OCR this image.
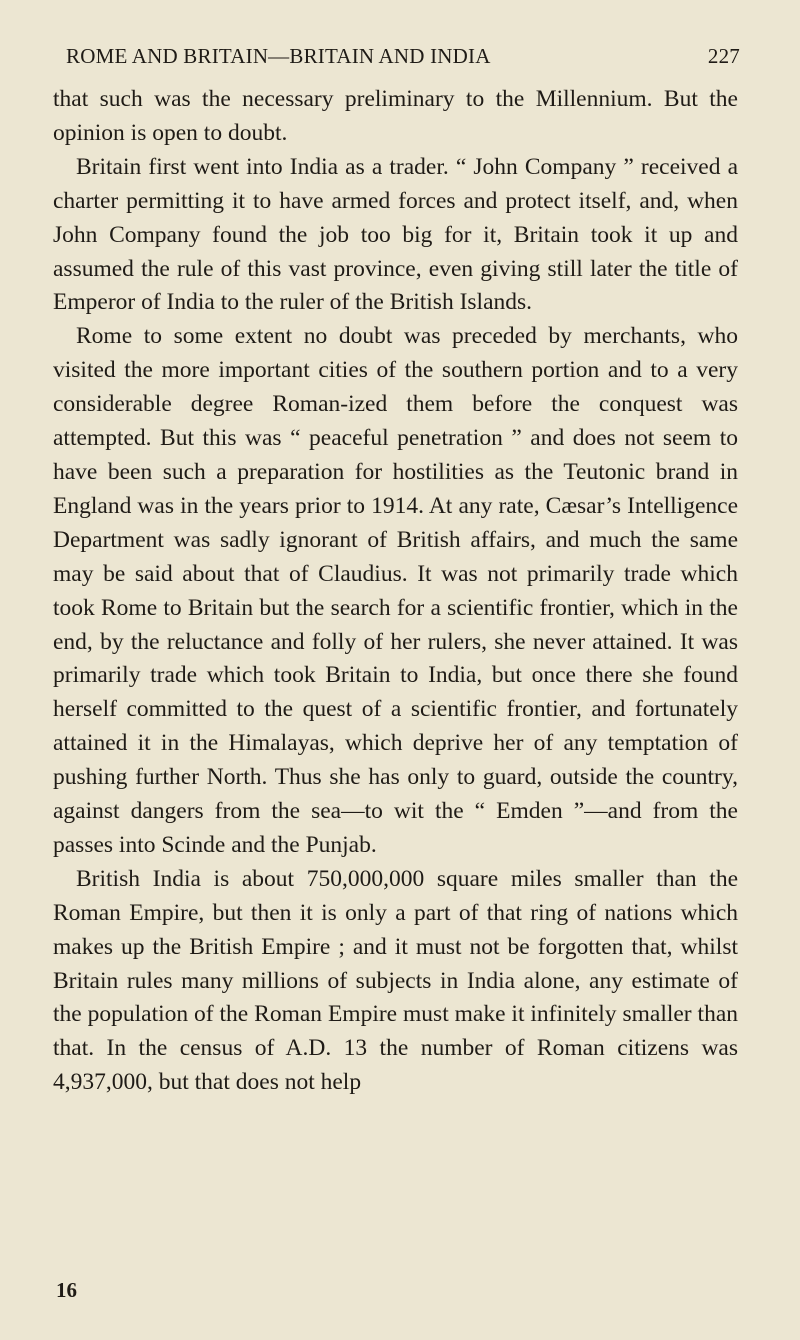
ROME AND BRITAIN—BRITAIN AND INDIA	227

that such was the necessary preliminary to the Millennium. But the opinion is open to doubt.

Britain first went into India as a trader. “ John Company ” received a charter permitting it to have armed forces and protect itself, and, when John Company found the job too big for it, Britain took it up and assumed the rule of this vast province, even giving still later the title of Emperor of India to the ruler of the British Islands.

Rome to some extent no doubt was preceded by merchants, who visited the more important cities of the southern portion and to a very considerable degree Roman-ized them before the conquest was attempted. But this was “ peaceful penetration ” and does not seem to have been such a preparation for hostilities as the Teutonic brand in England was in the years prior to 1914. At any rate, Cæsar’s Intelligence Department was sadly ignorant of British affairs, and much the same may be said about that of Claudius. It was not primarily trade which took Rome to Britain but the search for a scientific frontier, which in the end, by the reluctance and folly of her rulers, she never attained. It was primarily trade which took Britain to India, but once there she found herself committed to the quest of a scientific frontier, and fortunately attained it in the Himalayas, which deprive her of any temptation of pushing further North. Thus she has only to guard, outside the country, against dangers from the sea—to wit the “ Emden ”—and from the passes into Scinde and the Punjab.

British India is about 750,000,000 square miles smaller than the Roman Empire, but then it is only a part of that ring of nations which makes up the British Empire ; and it must not be forgotten that, whilst Britain rules many millions of subjects in India alone, any estimate of the population of the Roman Empire must make it infinitely smaller than that. In the census of A.D. 13 the number of Roman citizens was 4,937,000, but that does not help

16
